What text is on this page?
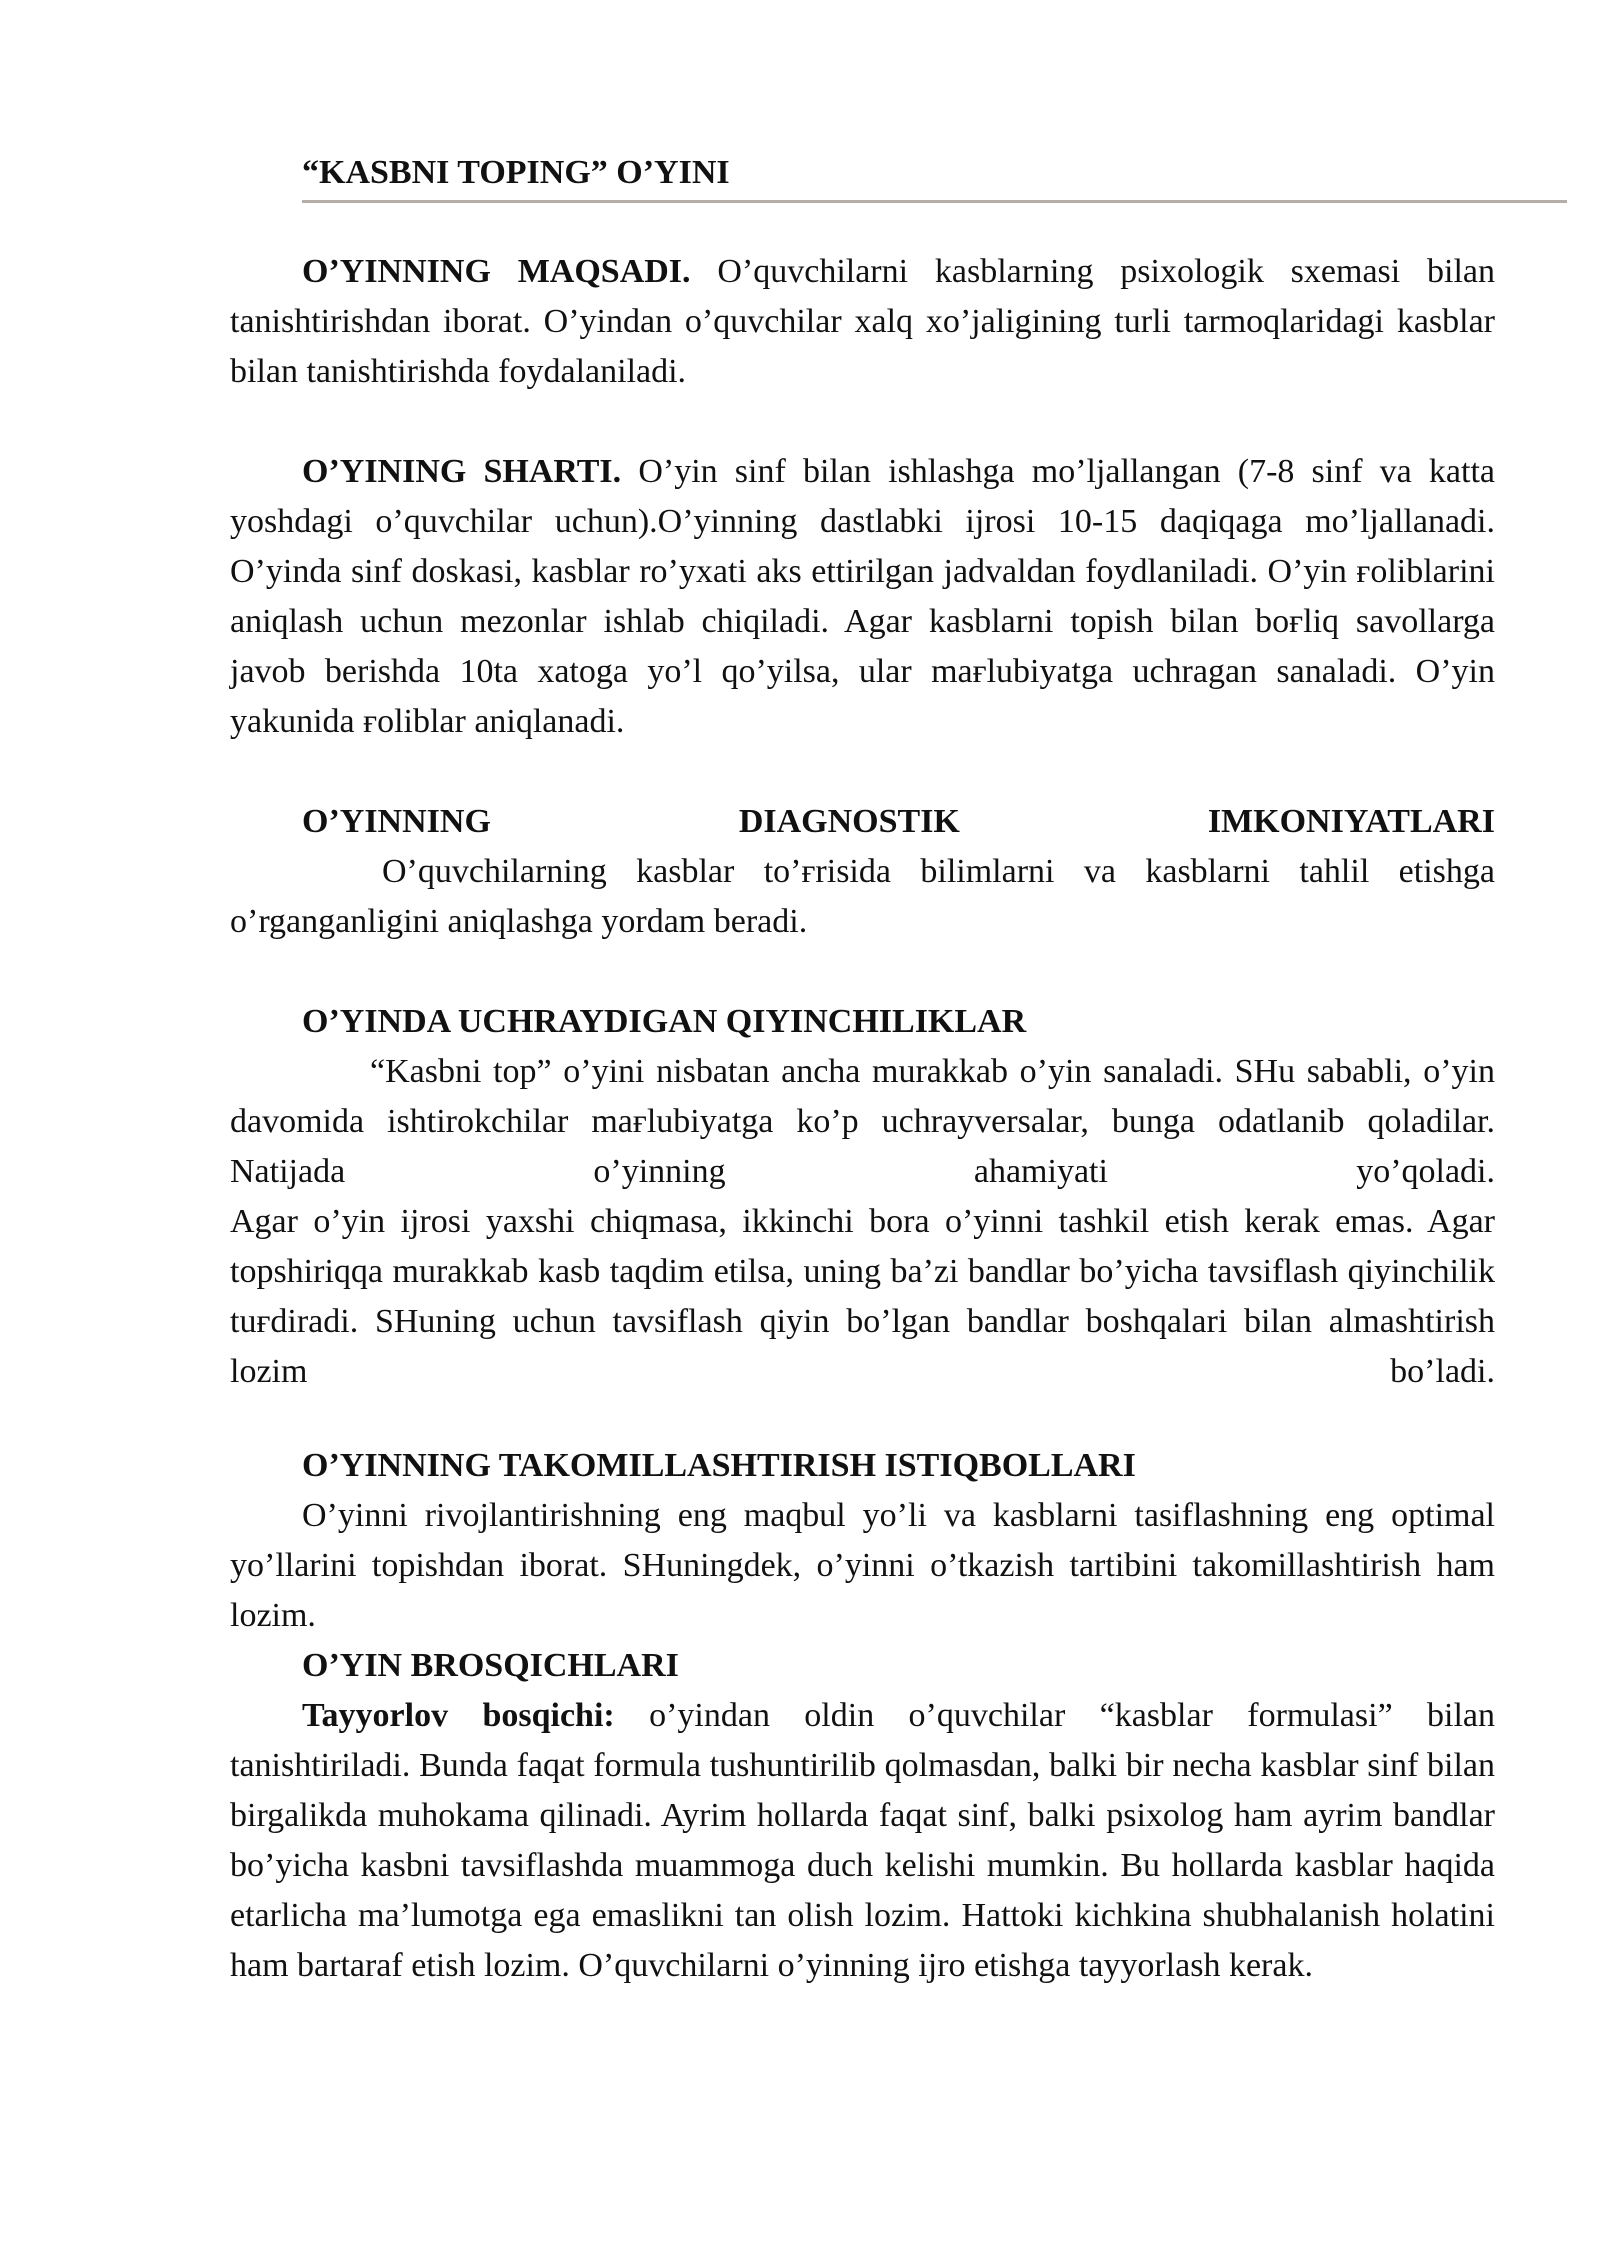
“KASBNI TOPING” O’YINI

O’YINNING MAQSADI. O’quvchilarni kasblarning psixologik sxemasi bilan tanishtirishdan iborat. O’yindan o’quvchilar xalq xo’jaligining turli tarmoqlaridagi kasblar bilan tanishtirishda foydalaniladi.

O’YINING SHARTI. O’yin sinf bilan ishlashga mo’ljallangan (7-8 sinf va katta yoshdagi o’quvchilar uchun).O’yinning dastlabki ijrosi 10-15 daqiqaga mo’ljallanadi. O’yinda sinf doskasi, kasblar ro’yxati aks ettirilgan jadvaldan foydlaniladi. O’yin ғoliblarini aniqlash uchun mezonlar ishlab chiqiladi. Agar kasblarni topish bilan boғliq savollarga javob berishda 10ta xatoga yo’l qo’yilsa, ular maғlubiyatga uchragan sanaladi. O’yin yakunida ғoliblar aniqlanadi.

O’YINNING	DIAGNOSTIK	IMKONIYATLARI

O’quvchilarning kasblar to’ғrisida bilimlarni va kasblarni tahlil etishga o’rganganligini aniqlashga yordam beradi.

O’YINDA UCHRAYDIGAN QIYINCHILIKLAR

“Kasbni top” o’yini nisbatan ancha murakkab o’yin sanaladi. SHu sababli, o’yin davomida ishtirokchilar maғlubiyatga ko’p uchrayversalar, bunga odatlanib qoladilar. Natijada o’yinning ahamiyati yo’qoladi.

Agar o’yin ijrosi yaxshi chiqmasa, ikkinchi bora o’yinni tashkil etish kerak emas. Agar topshiriqqa murakkab kasb taqdim etilsa, uning ba’zi bandlar bo’yicha tavsiflash qiyinchilik tuғdiradi. SHuning uchun tavsiflash qiyin bo’lgan bandlar boshqalari bilan almashtirish lozim bo’ladi.

O’YINNING TAKOMILLASHTIRISH ISTIQBOLLARI

O’yinni rivojlantirishning eng maqbul yo’li va kasblarni tasiflashning eng optimal yo’llarini topishdan iborat. SHuningdek, o’yinni o’tkazish tartibini takomillashtirish ham lozim.

O’YIN BROSQICHLARI

Tayyorlov bosqichi: o’yindan oldin o’quvchilar “kasblar formulasi” bilan tanishtiriladi. Bunda faqat formula tushuntirilib qolmasdan, balki bir necha kasblar sinf bilan birgalikda muhokama qilinadi. Ayrim hollarda faqat sinf, balki psixolog ham ayrim bandlar bo’yicha kasbni tavsiflashda muammoga duch kelishi mumkin. Bu hollarda kasblar haqida etarlicha ma’lumotga ega emaslikni tan olish lozim. Hattoki kichkina shubhalanish holatini ham bartaraf etish lozim. O’quvchilarni o’yinning ijro etishga tayyorlash kerak.
